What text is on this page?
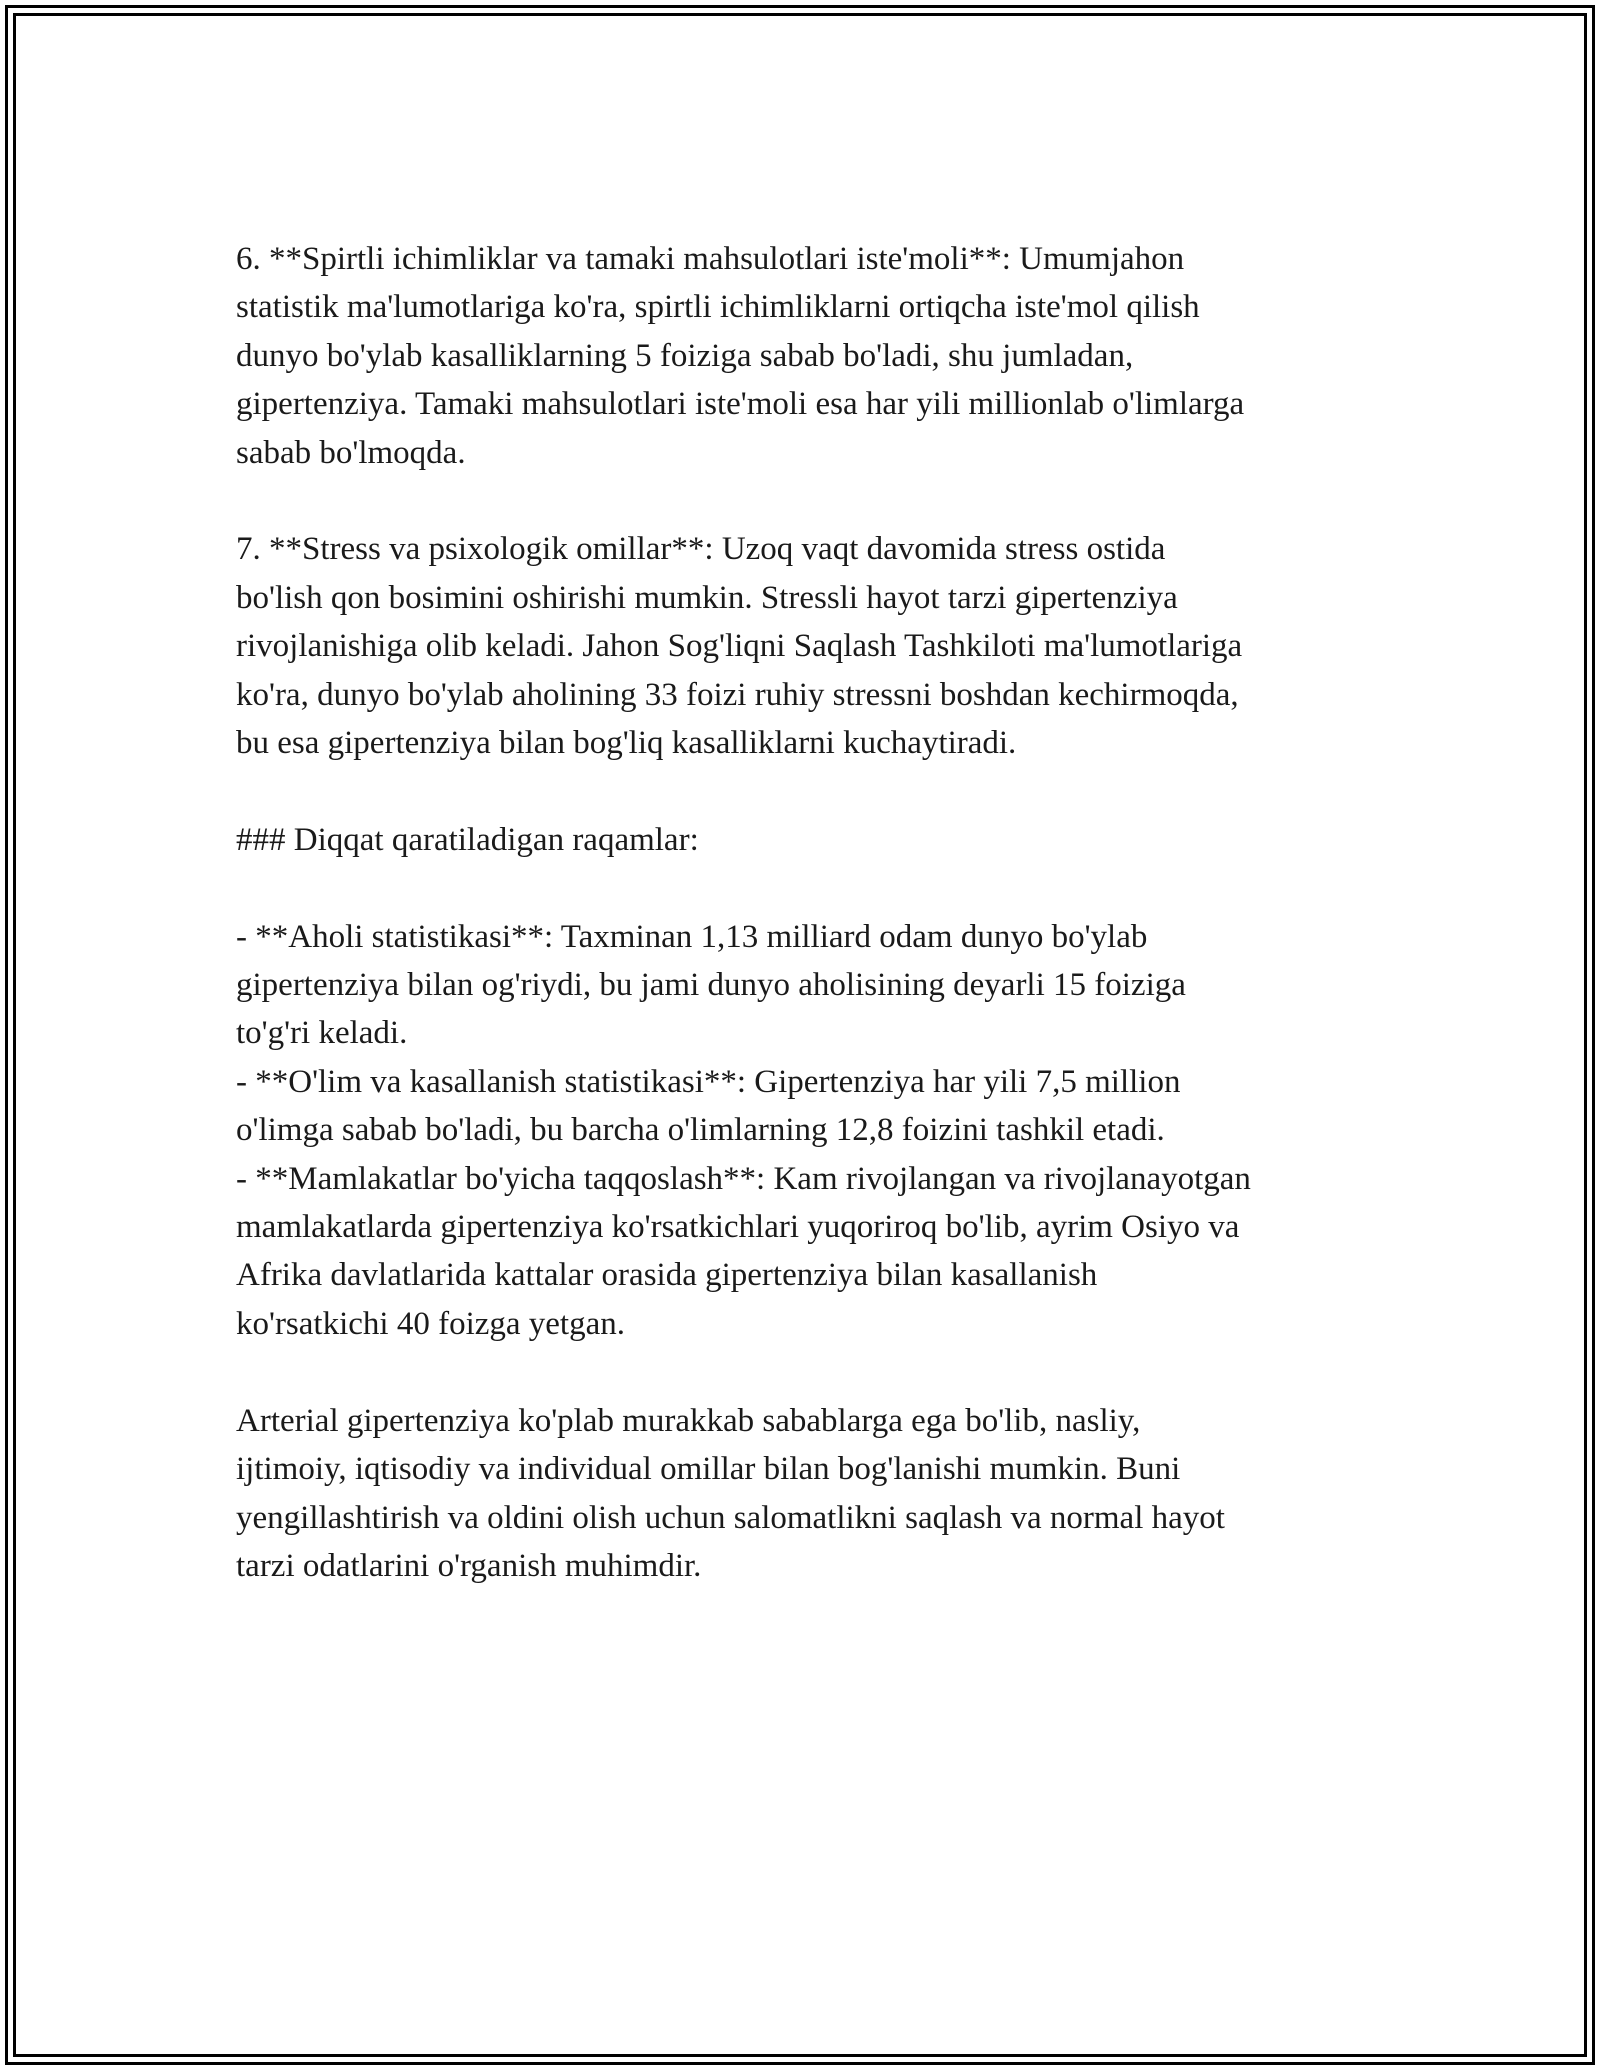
6. **Spirtli ichimliklar va tamaki mahsulotlari iste'moli**: Umumjahon
statistik ma'lumotlariga ko'ra, spirtli ichimliklarni ortiqcha iste'mol qilish
dunyo bo'ylab kasalliklarning 5 foiziga sabab bo'ladi, shu jumladan,
gipertenziya. Tamaki mahsulotlari iste'moli esa har yili millionlab o'limlarga
sabab bo'lmoqda.

7. **Stress va psixologik omillar**: Uzoq vaqt davomida stress ostida
bo'lish qon bosimini oshirishi mumkin. Stressli hayot tarzi gipertenziya
rivojlanishiga olib keladi. Jahon Sog'liqni Saqlash Tashkiloti ma'lumotlariga
ko'ra, dunyo bo'ylab aholining 33 foizi ruhiy stressni boshdan kechirmoqda,
bu esa gipertenziya bilan bog'liq kasalliklarni kuchaytiradi.

### Diqqat qaratiladigan raqamlar:

- **Aholi statistikasi**: Taxminan 1,13 milliard odam dunyo bo'ylab
gipertenziya bilan og'riydi, bu jami dunyo aholisining deyarli 15 foiziga
to'g'ri keladi.
- **O'lim va kasallanish statistikasi**: Gipertenziya har yili 7,5 million
o'limga sabab bo'ladi, bu barcha o'limlarning 12,8 foizini tashkil etadi.
- **Mamlakatlar bo'yicha taqqoslash**: Kam rivojlangan va rivojlanayotgan
mamlakatlarda gipertenziya ko'rsatkichlari yuqoriroq bo'lib, ayrim Osiyo va
Afrika davlatlarida kattalar orasida gipertenziya bilan kasallanish
ko'rsatkichi 40 foizga yetgan.

Arterial gipertenziya ko'plab murakkab sabablarga ega bo'lib, nasliy,
ijtimoiy, iqtisodiy va individual omillar bilan bog'lanishi mumkin. Buni
yengillashtirish va oldini olish uchun salomatlikni saqlash va normal hayot
tarzi odatlarini o'rganish muhimdir.
